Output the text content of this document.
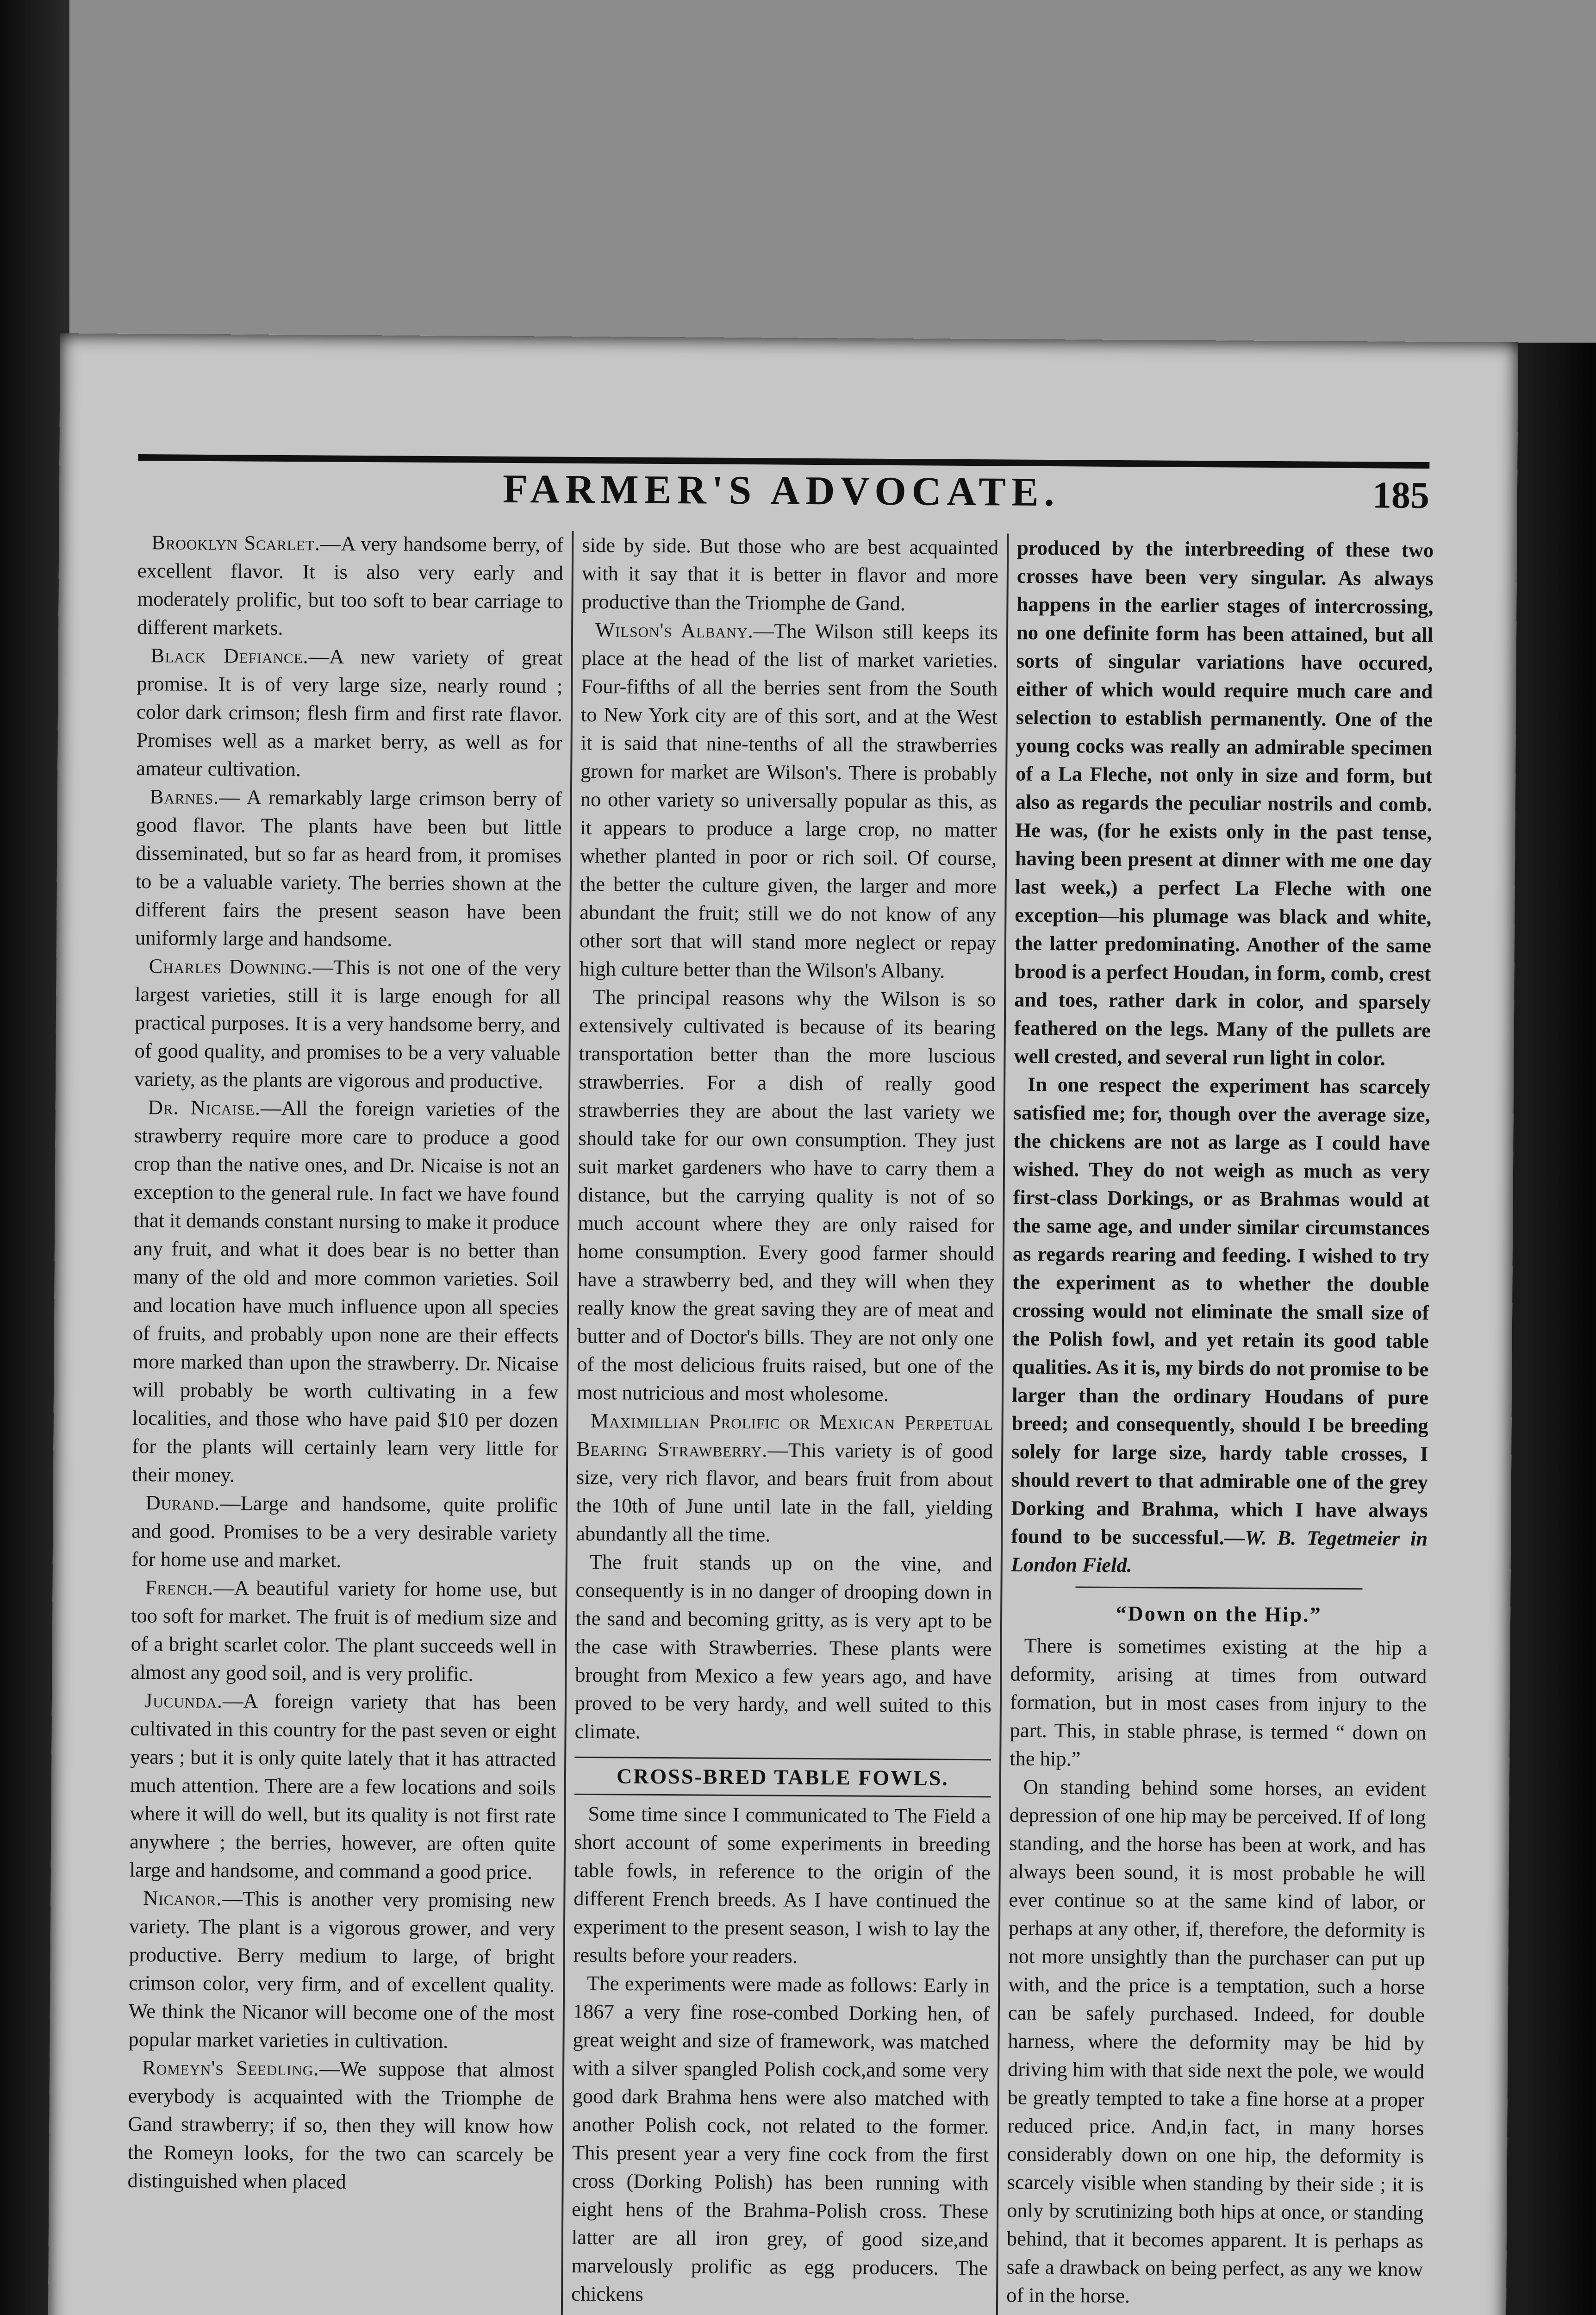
FARMER'S ADVOCATE.	185

Brooklyn Scarlet.—A very handsome berry, of excellent flavor. It is also very early and moderately prolific, but too soft to bear carriage to different markets.

Black Defiance.—A new variety of great promise. It is of very large size, nearly round ; color dark crimson; flesh firm and first rate flavor. Promises well as a market berry, as well as for amateur cultivation.

Barnes.— A remarkably large crimson berry of good flavor. The plants have been but little disseminated, but so far as heard from, it promises to be a valuable variety. The berries shown at the different fairs the present season have been uniformly large and handsome.

Charles Downing.—This is not one of the very largest varieties, still it is large enough for all practical purposes. It is a very handsome berry, and of good quality, and promises to be a very valuable variety, as the plants are vigorous and productive.

Dr. Nicaise.—All the foreign varieties of the strawberry require more care to produce a good crop than the native ones, and Dr. Nicaise is not an exception to the general rule. In fact we have found that it demands constant nursing to make it produce any fruit, and what it does bear is no better than many of the old and more common varieties. Soil and location have much influence upon all species of fruits, and probably upon none are their effects more marked than upon the strawberry. Dr. Nicaise will probably be worth cultivating in a few localities, and those who have paid $10 per dozen for the plants will certainly learn very little for their money.

Durand.—Large and handsome, quite prolific and good. Promises to be a very desirable variety for home use and market.

French.—A beautiful variety for home use, but too soft for market. The fruit is of medium size and of a bright scarlet color. The plant succeeds well in almost any good soil, and is very prolific.

Jucunda.—A foreign variety that has been cultivated in this country for the past seven or eight years ; but it is only quite lately that it has attracted much attention. There are a few locations and soils where it will do well, but its quality is not first rate anywhere ; the berries, however, are often quite large and handsome, and command a good price.

Nicanor.—This is another very promising new variety. The plant is a vigorous grower, and very productive. Berry medium to large, of bright crimson color, very firm, and of excellent quality. We think the Nicanor will become one of the most popular market varieties in cultivation.

Romeyn's Seedling.—We suppose that almost everybody is acquainted with the Triomphe de Gand strawberry; if so, then they will know how the Romeyn looks, for the two can scarcely be distinguished when placed

side by side. But those who are best acquainted with it say that it is better in flavor and more productive than the Triomphe de Gand.

Wilson's Albany.—The Wilson still keeps its place at the head of the list of market varieties. Four-fifths of all the berries sent from the South to New York city are of this sort, and at the West it is said that nine-tenths of all the strawberries grown for market are Wilson's. There is probably no other variety so universally popular as this, as it appears to produce a large crop, no matter whether planted in poor or rich soil. Of course, the better the culture given, the larger and more abundant the fruit; still we do not know of any other sort that will stand more neglect or repay high culture better than the Wilson's Albany.

The principal reasons why the Wilson is so extensively cultivated is because of its bearing transportation better than the more luscious strawberries. For a dish of really good strawberries they are about the last variety we should take for our own consumption. They just suit market gardeners who have to carry them a distance, but the carrying quality is not of so much account where they are only raised for home consumption. Every good farmer should have a strawberry bed, and they will when they really know the great saving they are of meat and butter and of Doctor's bills. They are not only one of the most delicious fruits raised, but one of the most nutricious and most wholesome.

Maximillian Prolific or Mexican Perpetual Bearing Strawberry.—This variety is of good size, very rich flavor, and bears fruit from about the 10th of June until late in the fall, yielding abundantly all the time.

The fruit stands up on the vine, and consequently is in no danger of drooping down in the sand and becoming gritty, as is very apt to be the case with Strawberries. These plants were brought from Mexico a few years ago, and have proved to be very hardy, and well suited to this climate.

CROSS-BRED TABLE FOWLS.

Some time since I communicated to The Field a short account of some experiments in breeding table fowls, in reference to the origin of the different French breeds. As I have continued the experiment to the present season, I wish to lay the results before your readers.

The experiments were made as follows: Early in 1867 a very fine rose-combed Dorking hen, of great weight and size of framework, was matched with a silver spangled Polish cock,and some very good dark Brahma hens were also matched with another Polish cock, not related to the former. This present year a very fine cock from the first cross (Dorking Polish) has been running with eight hens of the Brahma-Polish cross. These latter are all iron grey, of good size,and marvelously prolific as egg producers. The chickens

produced by the interbreeding of these two crosses have been very singular. As always happens in the earlier stages of intercrossing, no one definite form has been attained, but all sorts of singular variations have occured, either of which would require much care and selection to establish permanently. One of the young cocks was really an admirable specimen of a La Fleche, not only in size and form, but also as regards the peculiar nostrils and comb. He was, (for he exists only in the past tense, having been present at dinner with me one day last week,) a perfect La Fleche with one exception—his plumage was black and white, the latter predominating. Another of the same brood is a perfect Houdan, in form, comb, crest and toes, rather dark in color, and sparsely feathered on the legs. Many of the pullets are well crested, and several run light in color.

In one respect the experiment has scarcely satisfied me; for, though over the average size, the chickens are not as large as I could have wished. They do not weigh as much as very first-class Dorkings, or as Brahmas would at the same age, and under similar circumstances as regards rearing and feeding. I wished to try the experiment as to whether the double crossing would not eliminate the small size of the Polish fowl, and yet retain its good table qualities. As it is, my birds do not promise to be larger than the ordinary Houdans of pure breed; and consequently, should I be breeding solely for large size, hardy table crosses, I should revert to that admirable one of the grey Dorking and Brahma, which I have always found to be successful.—W. B. Tegetmeier in London Field.

“Down on the Hip.”

There is sometimes existing at the hip a deformity, arising at times from outward formation, but in most cases from injury to the part. This, in stable phrase, is termed “ down on the hip.”

On standing behind some horses, an evident depression of one hip may be perceived. If of long standing, and the horse has been at work, and has always been sound, it is most probable he will ever continue so at the same kind of labor, or perhaps at any other, if, therefore, the deformity is not more unsightly than the purchaser can put up with, and the price is a temptation, such a horse can be safely purchased. Indeed, for double harness, where the deformity may be hid by driving him with that side next the pole, we would be greatly tempted to take a fine horse at a proper reduced price. And,in fact, in many horses considerably down on one hip, the deformity is scarcely visible when standing by their side ; it is only by scrutinizing both hips at once, or standing behind, that it becomes apparent. It is perhaps as safe a drawback on being perfect, as any we know of in the horse.
